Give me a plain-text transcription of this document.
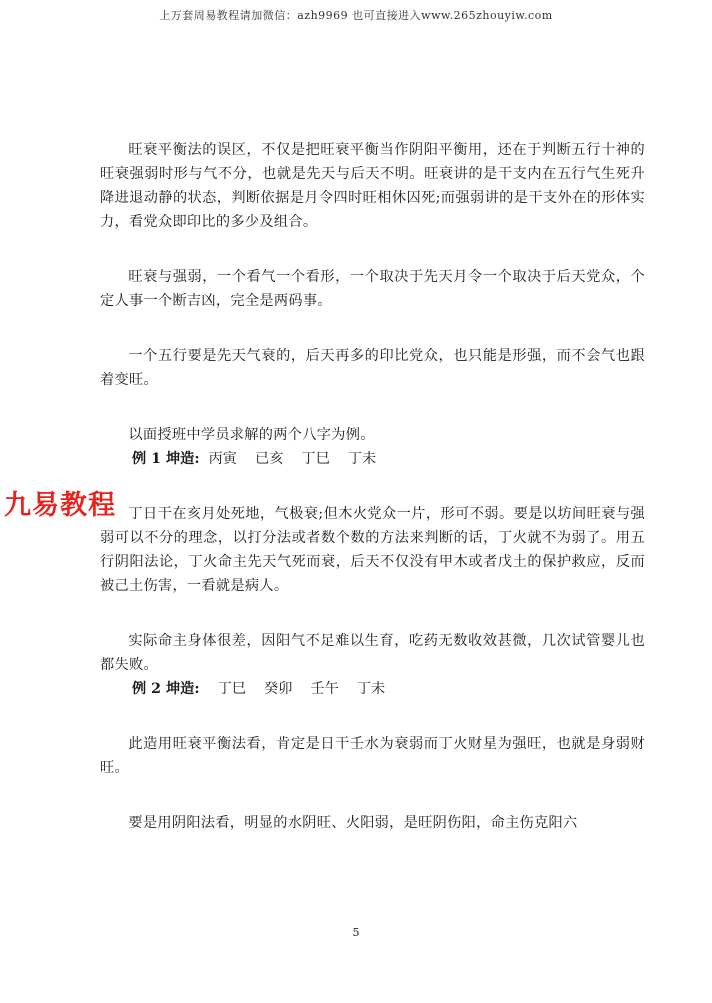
上万套周易教程请加微信：azh9969 也可直接进入www.265zhouyiw.com
九易教程

旺衰平衡法的误区，不仅是把旺衰平衡当作阴阳平衡用，还在于判断五行十神的旺衰强弱时形与气不分，也就是先天与后天不明。旺衰讲的是干支内在五行气生死升降进退动静的状态，判断依据是月令四时旺相休囚死;而强弱讲的是干支外在的形体实力，看党众即印比的多少及组合。

旺衰与强弱，一个看气一个看形，一个取决于先天月令一个取决于后天党众，个定人事一个断吉凶，完全是两码事。

一个五行要是先天气衰的，后天再多的印比党众，也只能是形强，而不会气也跟着变旺。

以面授班中学员求解的两个八字为例。

例 1 坤造: 丙寅    已亥    丁巳    丁未

丁日干在亥月处死地，气极衰;但木火党众一片，形可不弱。要是以坊间旺衰与强弱可以不分的理念，以打分法或者数个数的方法来判断的话，丁火就不为弱了。用五行阴阳法论，丁火命主先天气死而衰，后天不仅没有甲木或者戊土的保护救应，反而被己土伤害，一看就是病人。

实际命主身体很差，因阳气不足难以生育，吃药无数收效甚微，几次试管婴儿也都失败。

例 2 坤造: 丁巳    癸卯    壬午    丁未

此造用旺衰平衡法看，肯定是日干壬水为衰弱而丁火财星为强旺，也就是身弱财旺。

要是用阴阳法看，明显的水阴旺、火阳弱，是旺阴伤阳，命主伤克阳六

5
